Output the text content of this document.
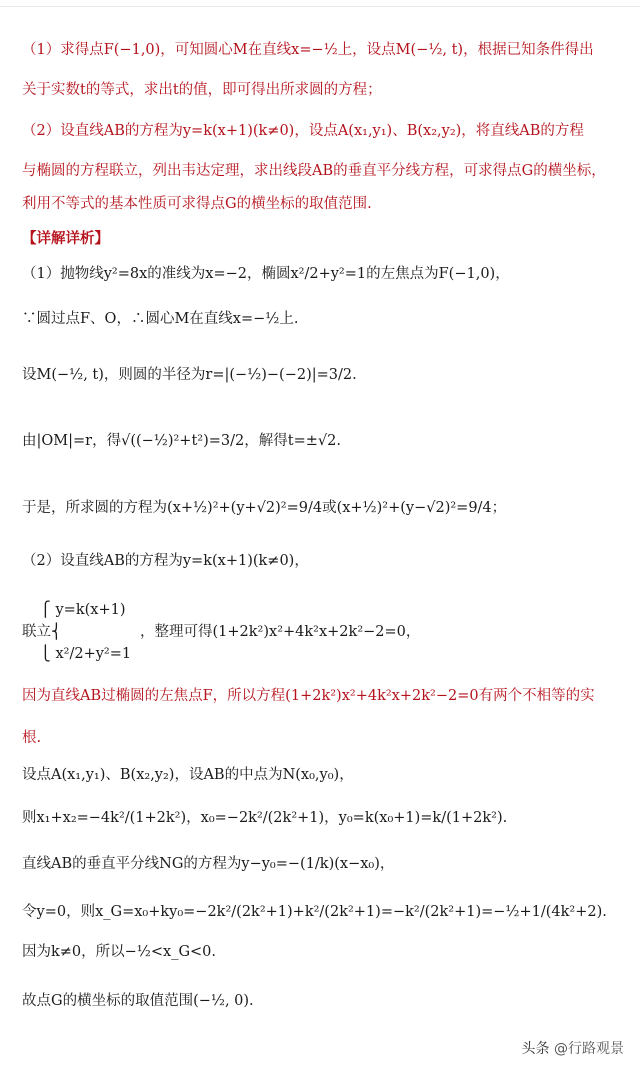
（1）求得点F(−1,0)，可知圆心M在直线x=−½上，设点M(−½, t)，根据已知条件得出
关于实数t的等式，求出t的值，即可得出所求圆的方程；
（2）设直线AB的方程为y=k(x+1)(k≠0)，设点A(x₁,y₁)、B(x₂,y₂)，将直线AB的方程
与椭圆的方程联立，列出韦达定理，求出线段AB的垂直平分线方程，可求得点G的横坐标，
利用不等式的基本性质可求得点G的横坐标的取值范围.
【详解详析】
（1）抛物线y²=8x的准线为x=−2，椭圆x²/2+y²=1的左焦点为F(−1,0)，
∵圆过点F、O，∴圆心M在直线x=−½上.
设M(−½, t)，则圆的半径为r=|(−½)−(−2)|=3/2.
由|OM|=r，得√((−½)²+t²)=3/2，解得t=±√2.
于是，所求圆的方程为(x+½)²+(y+√2)²=9/4或(x+½)²+(y−√2)²=9/4；
（2）设直线AB的方程为y=k(x+1)(k≠0)，
⎧ y=k(x+1)
联立⎨
⎩ x²/2+y²=1
，整理可得(1+2k²)x²+4k²x+2k²−2=0，
因为直线AB过椭圆的左焦点F，所以方程(1+2k²)x²+4k²x+2k²−2=0有两个不相等的实
根.
设点A(x₁,y₁)、B(x₂,y₂)，设AB的中点为N(x₀,y₀)，
则x₁+x₂=−4k²/(1+2k²)，x₀=−2k²/(2k²+1)，y₀=k(x₀+1)=k/(1+2k²).
直线AB的垂直平分线NG的方程为y−y₀=−(1/k)(x−x₀)，
令y=0，则x_G=x₀+ky₀=−2k²/(2k²+1)+k²/(2k²+1)=−k²/(2k²+1)=−½+1/(4k²+2).
因为k≠0，所以−½<x_G<0.
故点G的横坐标的取值范围(−½, 0).
头条 @行路观景
